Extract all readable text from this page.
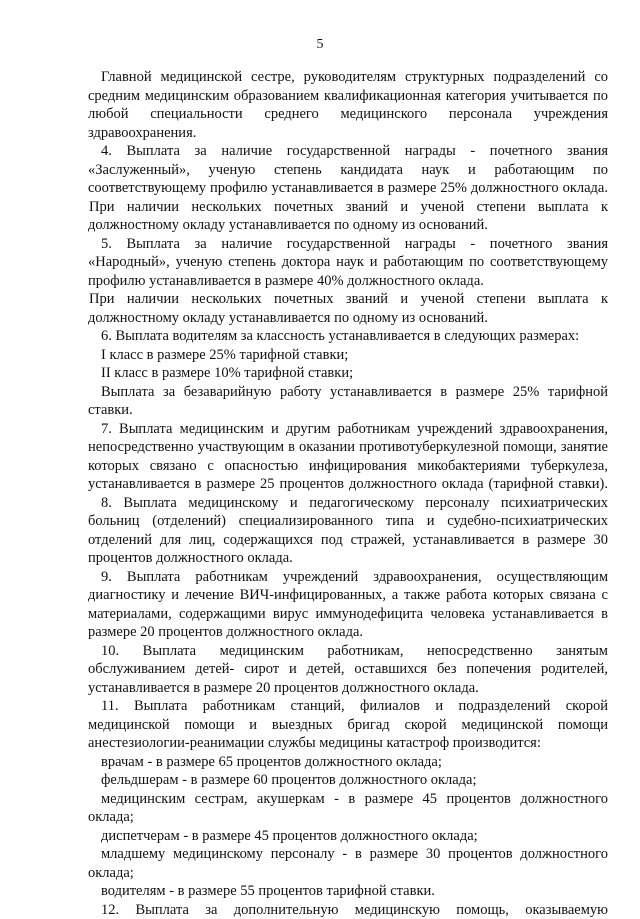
5
Главной медицинской сестре, руководителям структурных подразделений со
средним медицинским образованием квалификационная категория учитывается по
любой специальности среднего медицинского персонала учреждения
здравоохранения.
4. Выплата за наличие государственной награды - почетного звания
«Заслуженный», ученую степень кандидата наук и работающим по
соответствующему профилю устанавливается в размере 25% должностного оклада.
При наличии нескольких почетных званий и ученой степени выплата к
должностному окладу устанавливается по одному из оснований.
5. Выплата за наличие государственной награды - почетного звания
«Народный», ученую степень доктора наук и работающим по соответствующему
профилю устанавливается в размере 40% должностного оклада.
При наличии нескольких почетных званий и ученой степени выплата к
должностному окладу устанавливается по одному из оснований.
6. Выплата водителям за классность устанавливается в следующих размерах:
I класс в размере 25% тарифной ставки;
II класс в размере 10% тарифной ставки;
Выплата за безаварийную работу устанавливается в размере 25% тарифной
ставки.
7. Выплата медицинским и другим работникам учреждений здравоохранения,
непосредственно участвующим в оказании противотуберкулезной помощи, занятие
которых связано с опасностью инфицирования микобактериями туберкулеза,
устанавливается в размере 25 процентов должностного оклада (тарифной ставки).
8. Выплата медицинскому и педагогическому персоналу психиатрических
больниц (отделений) специализированного типа и судебно-психиатрических
отделений для лиц, содержащихся под стражей, устанавливается в размере 30
процентов должностного оклада.
9. Выплата работникам учреждений здравоохранения, осуществляющим
диагностику и лечение ВИЧ-инфицированных, а также работа которых связана с
материалами, содержащими вирус иммунодефицита человека устанавливается в
размере 20 процентов должностного оклада.
10. Выплата медицинским работникам, непосредственно занятым
обслуживанием детей- сирот и детей, оставшихся без попечения родителей,
устанавливается в размере 20 процентов должностного оклада.
11. Выплата работникам станций, филиалов и подразделений скорой
медицинской помощи и выездных бригад скорой медицинской помощи
анестезиологии-реанимации службы медицины катастроф производится:
врачам - в размере 65 процентов должностного оклада;
фельдшерам - в размере 60 процентов должностного оклада;
медицинским сестрам, акушеркам - в размере 45 процентов должностного
оклада;
диспетчерам - в размере 45 процентов должностного оклада;
младшему медицинскому персоналу - в размере 30 процентов должностного
оклада;
водителям - в размере 55 процентов тарифной ставки.
12. Выплата за дополнительную медицинскую помощь, оказываемую
